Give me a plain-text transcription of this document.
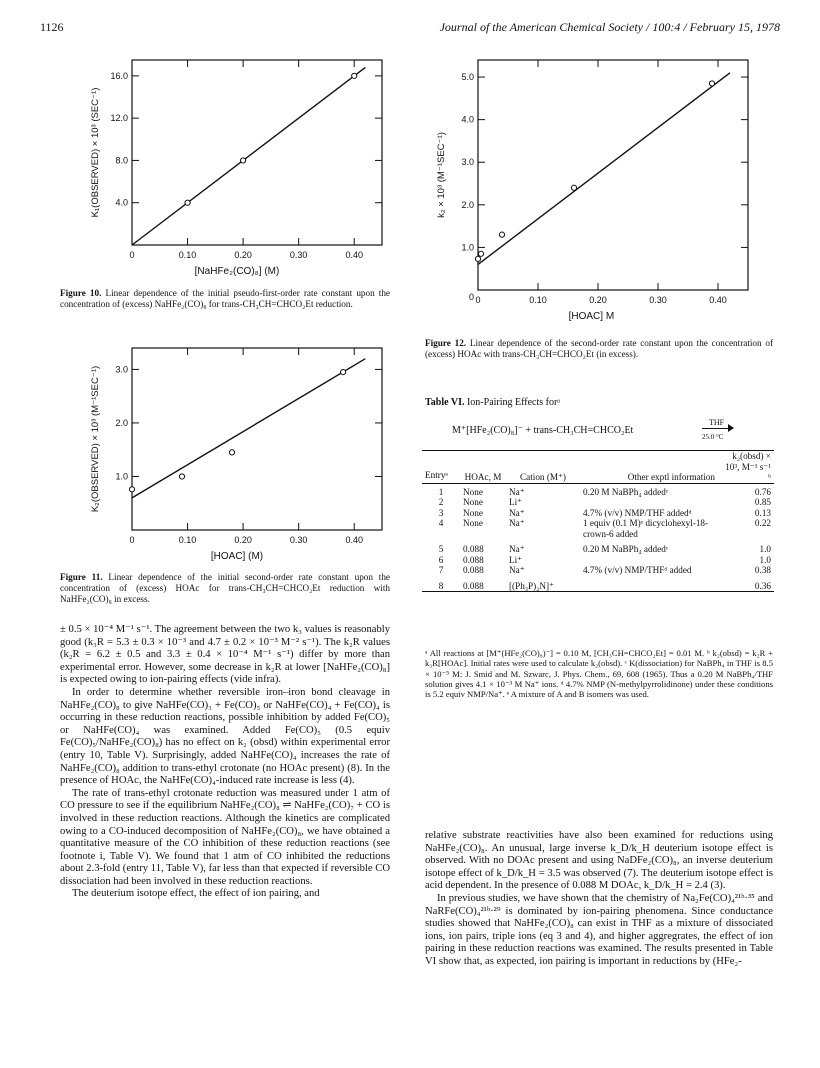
1126	Journal of the American Chemical Society / 100:4 / February 15, 1978
0	0.10	0.20	0.30	0.40
4.0
8.0
12.0
16.0
[NaHFe₂(CO)₈] (M)
K₁(OBSERVED) × 10³ (SEC⁻¹)
Figure 10. Linear dependence of the initial pseudo-first-order rate constant upon the concentration of (excess) NaHFe₂(CO)₈ for trans-CH₃CH=CHCO₂Et reduction.
0	0.10	0.20	0.30	0.40
1.0
2.0
3.0
[HOAC] (M)
K₂(OBSERVED) × 10³ (M⁻¹SEC⁻¹)
Figure 11. Linear dependence of the initial second-order rate constant upon the concentration of (excess) HOAc for trans-CH₃CH=CHCO₂Et reduction with NaHFe₂(CO)₈ in excess.
0	0.10	0.20	0.30	0.40
1.0
2.0
3.0
4.0
5.0
0
[HOAC] M
k₂ × 10³ (M⁻¹SEC⁻¹)
Figure 12. Linear dependence of the second-order rate constant upon the concentration of (excess) HOAc with trans-CH₃CH=CHCO₂Et (in excess).

± 0.5 × 10⁻⁴ M⁻¹ s⁻¹. The agreement between the two k₃ values is reasonably good (k₃R = 5.3 ± 0.3 × 10⁻³ and 4.7 ± 0.2 × 10⁻³ M⁻² s⁻¹). The k₂R values (k₂R = 6.2 ± 0.5 and 3.3 ± 0.4 × 10⁻⁴ M⁻¹ s⁻¹) differ by more than experimental error. However, some decrease in k₂R at lower [NaHFe₂(CO)₈] is expected owing to ion-pairing effects (vide infra).

In order to determine whether reversible iron–iron bond cleavage in NaHFe₂(CO)₈ to give NaHFe(CO)₃ + Fe(CO)₅ or NaHFe(CO)₄ + Fe(CO)₄ is occurring in these reduction reactions, possible inhibition by added Fe(CO)₅ or NaHFe(CO)₄ was examined. Added Fe(CO)₅ (0.5 equiv Fe(CO)₅/NaHFe₂(CO)₈) has no effect on k₂ (obsd) within experimental error (entry 10, Table V). Surprisingly, added NaHFe(CO)₄ increases the rate of NaHFe₂(CO)₈ addition to trans-ethyl crotonate (no HOAc present) (8). In the presence of HOAc, the NaHFe(CO)₄-induced rate increase is less (4).

The rate of trans-ethyl crotonate reduction was measured under 1 atm of CO pressure to see if the equilibrium NaHFe₂(CO)₈ ⇌ NaHFe₂(CO)₇ + CO is involved in these reduction reactions. Although the kinetics are complicated owing to a CO-induced decomposition of NaHFe₂(CO)₈, we have obtained a quantitative measure of the CO inhibition of these reduction reactions (see footnote i, Table V). We found that 1 atm of CO inhibited the reductions about 2.3-fold (entry 11, Table V), far less than that expected if reversible CO dissociation had been involved in these reduction reactions.

The deuterium isotope effect, the effect of ion pairing, and

Table VI. Ion-Pairing Effects forᵃ
M⁺[HFe₂(CO)₈]⁻ + trans-CH₃CH=CHCO₂Et
THF
25.0 °C
Entryᵃ	HOAc, M	Cation (M⁺)	Other exptl information	k₂(obsd) × 10³, M⁻¹ s⁻¹ ᵇ
1	None	Na⁺	0.20 M NaBPh₄ addedᶜ	0.76
2	None	Li⁺		0.85
3	None	Na⁺	4.7% (v/v) NMP/THF addedᵈ	0.13
4	None	Na⁺	1 equiv (0.1 M)ᵉ dicyclohexyl-18-crown-6 added	0.22
5	0.088	Na⁺	0.20 M NaBPh₄ addedᶜ	1.0
6	0.088	Li⁺		1.0
7	0.088	Na⁺	4.7% (v/v) NMP/THFᵈ added	0.38
8	0.088	[(Ph₃P)₂N]⁺		0.36
ᵃ All reactions at [M⁺(HFe₂(CO)₈)⁻] = 0.10 M, [CH₃CH=CHCO₂Et] = 0.01 M. ᵇ k₂(obsd) = k₂R + k₃R[HOAc]. Initial rates were used to calculate k₂(obsd). ᶜ K(dissociation) for NaBPh₄ in THF is 8.5 × 10⁻⁵ M: J. Smid and M. Szwarc, J. Phys. Chem., 69, 608 (1965). Thus a 0.20 M NaBPh₄/THF solution gives 4.1 × 10⁻³ M Na⁺ ions. ᵈ 4.7% NMP (N-methylpyrrolidinone) under these conditions is 5.2 equiv NMP/Na⁺. ᵉ A mixture of A and B isomers was used.

relative substrate reactivities have also been examined for reductions using NaHFe₂(CO)₈. An unusual, large inverse k_D/k_H deuterium isotope effect is observed. With no DOAc present and using NaDFe₂(CO)₈, an inverse deuterium isotope effect of k_D/k_H = 3.5 was observed (7). The deuterium isotope effect is acid dependent. In the presence of 0.088 M DOAc, k_D/k_H = 2.4 (3).

In previous studies, we have shown that the chemistry of Na₂Fe(CO)₄²¹ᵇ·³⁵ and NaRFe(CO)₄²¹ᵇ·²⁹ is dominated by ion-pairing phenomena. Since conductance studies showed that NaHFe₂(CO)₈ can exist in THF as a mixture of dissociated ions, ion pairs, triple ions (eq 3 and 4), and higher aggregrates, the effect of ion pairing in these reduction reactions was examined. The results presented in Table VI show that, as expected, ion pairing is important in reductions by (HFe₂-
